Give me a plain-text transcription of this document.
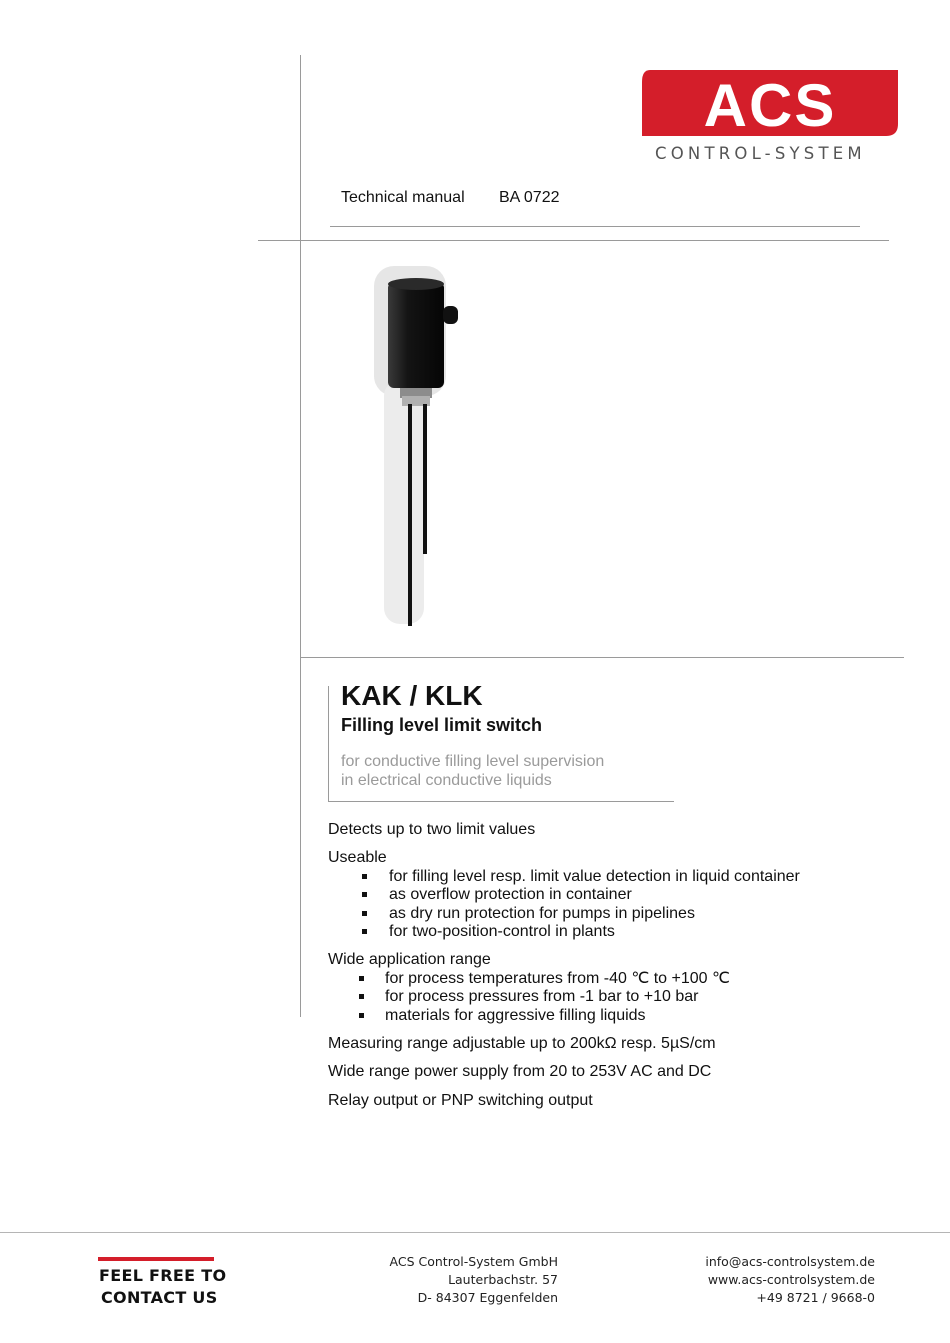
ACS
CONTROL-SYSTEM
Technical manual BA 0722
KAK / KLK
Filling level limit switch
for conductive filling level supervision
in electrical conductive liquids

Detects up to two limit values

Useable

for filling level resp. limit value detection in liquid container
as overflow protection in container
as dry run protection for pumps in pipelines
for two-position-control in plants

Wide application range

for process temperatures from -40 ℃ to +100 ℃
for process pressures from -1 bar to +10 bar
materials for aggressive filling liquids

Measuring range adjustable up to 200kΩ resp. 5µS/cm

Wide range power supply from 20 to 253V AC and DC

Relay output or PNP switching output

FEEL FREE TO
CONTACT US
ACS Control-System GmbH
Lauterbachstr. 57
D- 84307 Eggenfelden
info@acs-controlsystem.de
www.acs-controlsystem.de
+49 8721 / 9668-0
